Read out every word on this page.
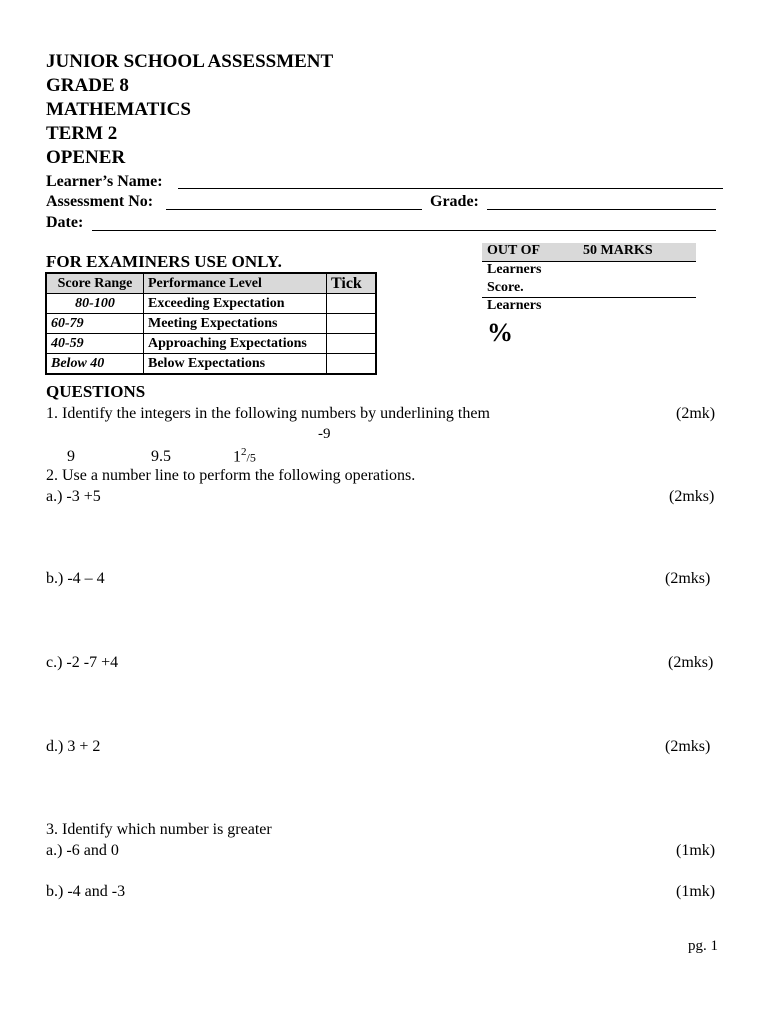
JUNIOR SCHOOL ASSESSMENT
GRADE 8
MATHEMATICS
TERM 2
OPENER
Learner’s Name:
Assessment No:	Grade:
Date:
FOR EXAMINERS USE ONLY.
Score Range	Performance Level	Tick
80-100	Exceeding Expectation	
60-79	Meeting Expectations	
40-59	Approaching Expectations	
Below 40	Below Expectations	
OUT OF	50 MARKS
Learners
Score.
Learners
%
QUESTIONS
1. Identify the integers in the following numbers by underlining them	(2mk)
-9
9	9.5	$1^2/5$
2. Use a number line to perform the following operations.
a.) -3 +5	(2mks)
b.) -4 – 4	(2mks)
c.) -2 -7 +4	(2mks)
d.) 3 + 2	(2mks)
3. Identify which number is greater
a.) -6 and 0	(1mk)
b.) -4 and -3	(1mk)
pg. 1
